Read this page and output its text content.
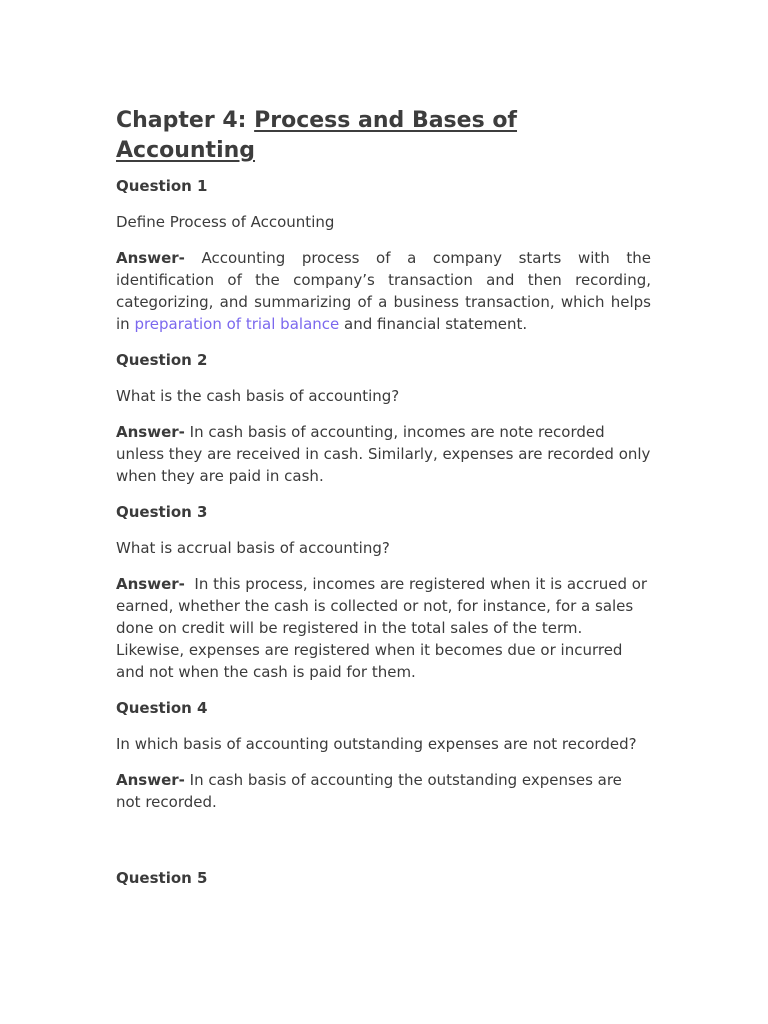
Chapter 4: Process and Bases of Accounting
Question 1
Define Process of Accounting
Answer- Accounting process of a company starts with the identification of the company’s transaction and then recording, categorizing, and summarizing of a business transaction, which helps in preparation of trial balance and financial statement.
Question 2
What is the cash basis of accounting?
Answer- In cash basis of accounting, incomes are note recorded unless they are received in cash. Similarly, expenses are recorded only when they are paid in cash.
Question 3
What is accrual basis of accounting?
Answer-  In this process, incomes are registered when it is accrued or earned, whether the cash is collected or not, for instance, for a sales done on credit will be registered in the total sales of the term. Likewise, expenses are registered when it becomes due or incurred and not when the cash is paid for them.
Question 4
In which basis of accounting outstanding expenses are not recorded?
Answer- In cash basis of accounting the outstanding expenses are not recorded.
Question 5
